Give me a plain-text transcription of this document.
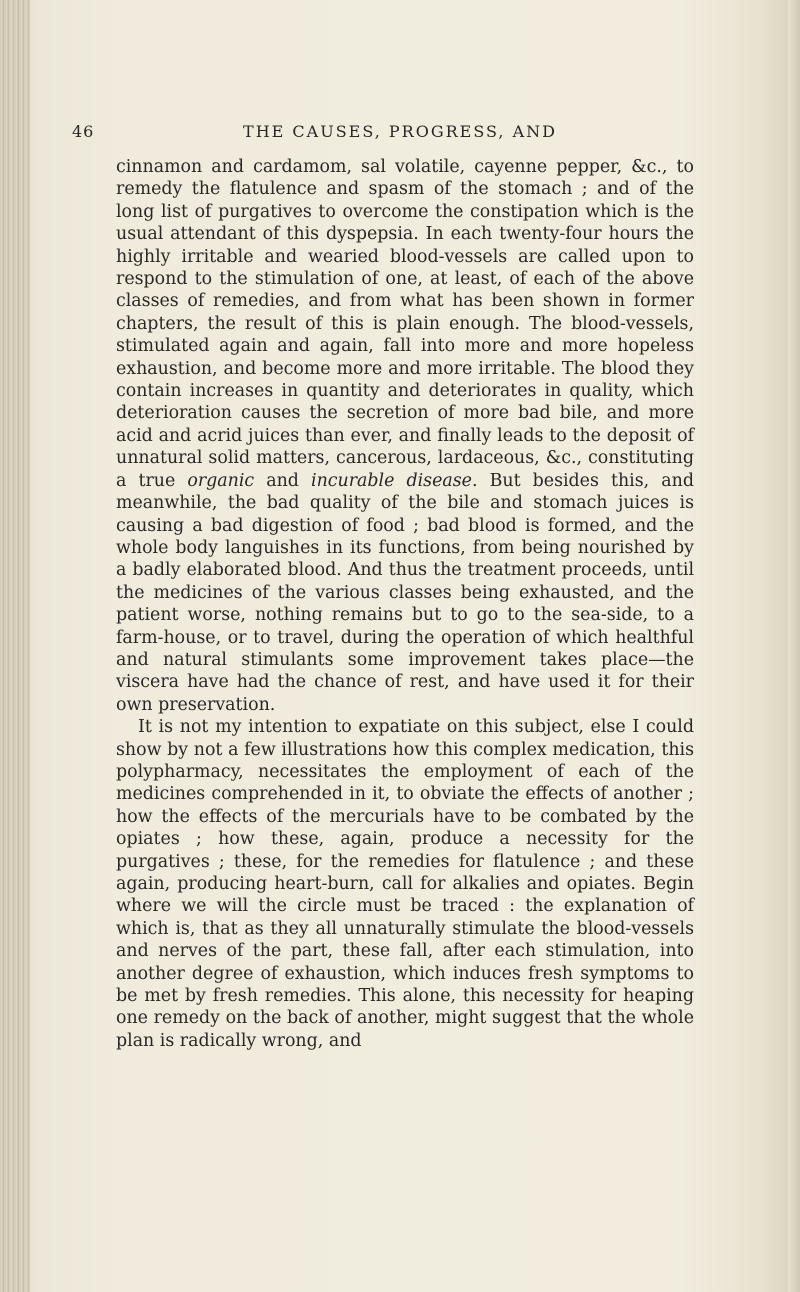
46	THE CAUSES, PROGRESS, AND

cinnamon and cardamom, sal volatile, cayenne pepper, &c., to remedy the flatulence and spasm of the stomach ; and of the long list of purgatives to overcome the constipation which is the usual attendant of this dyspepsia. In each twenty-four hours the highly irritable and wearied blood-vessels are called upon to respond to the stimulation of one, at least, of each of the above classes of remedies, and from what has been shown in former chapters, the result of this is plain enough. The blood-vessels, stimulated again and again, fall into more and more hopeless exhaustion, and become more and more irritable. The blood they contain increases in quantity and deteriorates in quality, which deterioration causes the secretion of more bad bile, and more acid and acrid juices than ever, and finally leads to the deposit of unnatural solid matters, cancerous, lardaceous, &c., constituting a true organic and incurable disease. But besides this, and meanwhile, the bad quality of the bile and stomach juices is causing a bad digestion of food ; bad blood is formed, and the whole body languishes in its functions, from being nourished by a badly elaborated blood. And thus the treatment proceeds, until the medicines of the various classes being exhausted, and the patient worse, nothing remains but to go to the sea-side, to a farm-house, or to travel, during the operation of which healthful and natural stimulants some improvement takes place—the viscera have had the chance of rest, and have used it for their own preservation.

It is not my intention to expatiate on this subject, else I could show by not a few illustrations how this complex medication, this polypharmacy, necessitates the employment of each of the medicines comprehended in it, to obviate the effects of another ; how the effects of the mercurials have to be combated by the opiates ; how these, again, produce a necessity for the purgatives ; these, for the remedies for flatulence ; and these again, producing heart-burn, call for alkalies and opiates. Begin where we will the circle must be traced : the explanation of which is, that as they all unnaturally stimulate the blood-vessels and nerves of the part, these fall, after each stimulation, into another degree of exhaustion, which induces fresh symptoms to be met by fresh remedies. This alone, this necessity for heaping one remedy on the back of another, might suggest that the whole plan is radically wrong, and
